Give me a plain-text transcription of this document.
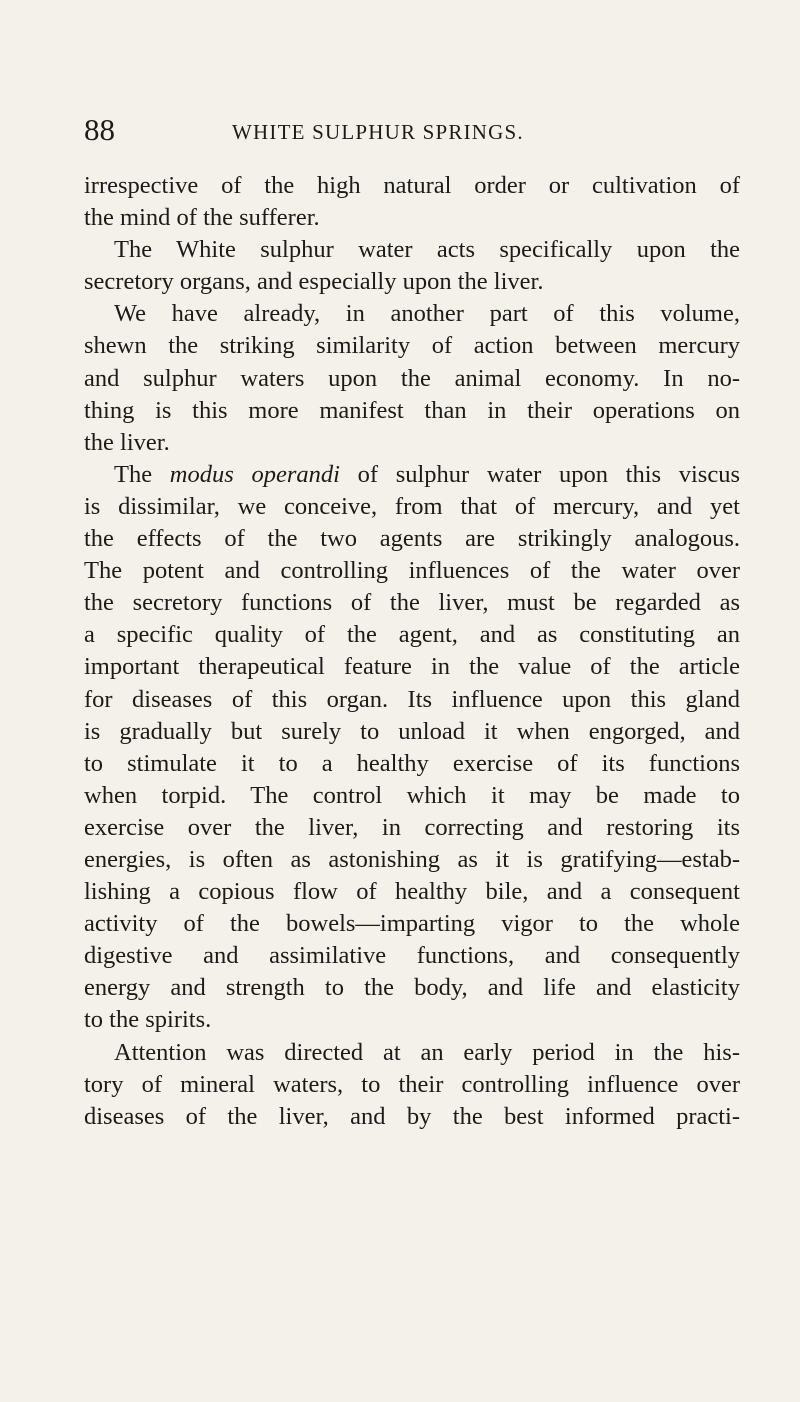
88	WHITE SULPHUR SPRINGS.
irrespective of the high natural order or cultivation of
the mind of the sufferer.
The White sulphur water acts specifically upon the
secretory organs, and especially upon the liver.
We have already, in another part of this volume,
shewn the striking similarity of action between mercury
and sulphur waters upon the animal economy. In no-
thing is this more manifest than in their operations on
the liver.
The modus operandi of sulphur water upon this viscus
is dissimilar, we conceive, from that of mercury, and yet
the effects of the two agents are strikingly analogous.
The potent and controlling influences of the water over
the secretory functions of the liver, must be regarded as
a specific quality of the agent, and as constituting an
important therapeutical feature in the value of the article
for diseases of this organ. Its influence upon this gland
is gradually but surely to unload it when engorged, and
to stimulate it to a healthy exercise of its functions
when torpid. The control which it may be made to
exercise over the liver, in correcting and restoring its
energies, is often as astonishing as it is gratifying—estab-
lishing a copious flow of healthy bile, and a consequent
activity of the bowels—imparting vigor to the whole
digestive and assimilative functions, and consequently
energy and strength to the body, and life and elasticity
to the spirits.
Attention was directed at an early period in the his-
tory of mineral waters, to their controlling influence over
diseases of the liver, and by the best informed practi-
